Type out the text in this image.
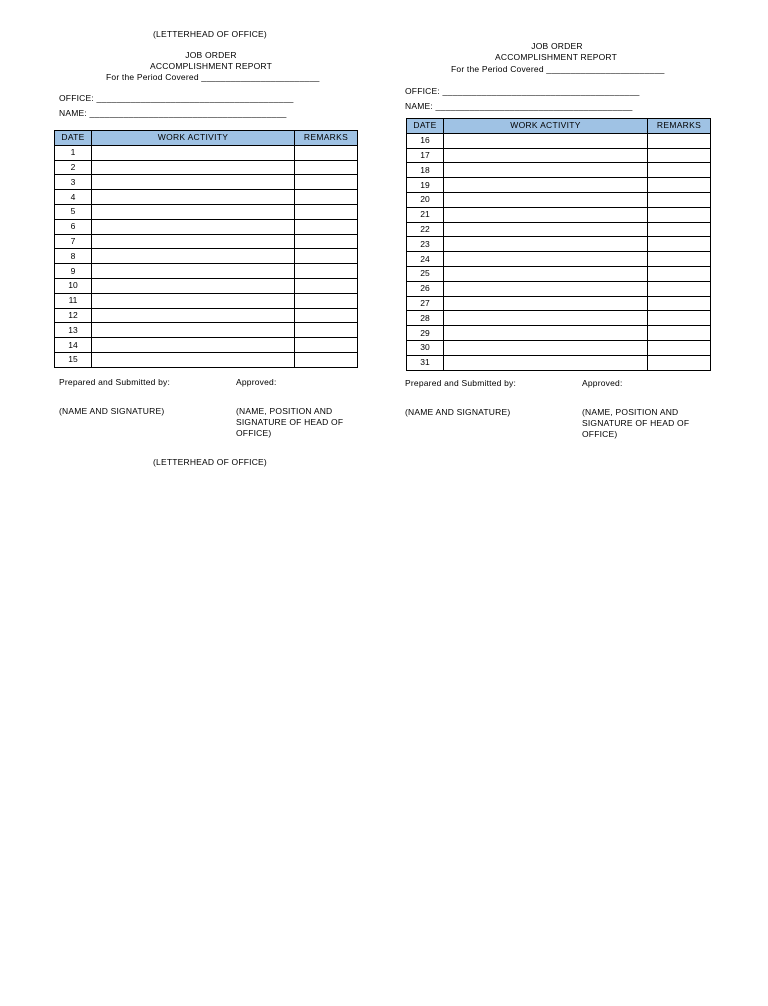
(LETTERHEAD OF OFFICE)
JOB ORDER
ACCOMPLISHMENT REPORT
For the Period Covered ________________________
OFFICE: ________________________________________
NAME: ________________________________________
DATE	WORK ACTIVITY	REMARKS
1		
2		
3		
4		
5		
6		
7		
8		
9		
10		
11		
12		
13		
14		
15		
Prepared and Submitted by:	Approved:
(NAME AND SIGNATURE)	(NAME, POSITION AND SIGNATURE OF HEAD OF OFFICE)
(LETTERHEAD OF OFFICE)
JOB ORDER
ACCOMPLISHMENT REPORT
For the Period Covered ________________________
OFFICE: ________________________________________
NAME: ________________________________________
DATE	WORK ACTIVITY	REMARKS
16		
17		
18		
19		
20		
21		
22		
23		
24		
25		
26		
27		
28		
29		
30		
31		
Prepared and Submitted by:	Approved:
(NAME AND SIGNATURE)	(NAME, POSITION AND SIGNATURE OF HEAD OF OFFICE)
